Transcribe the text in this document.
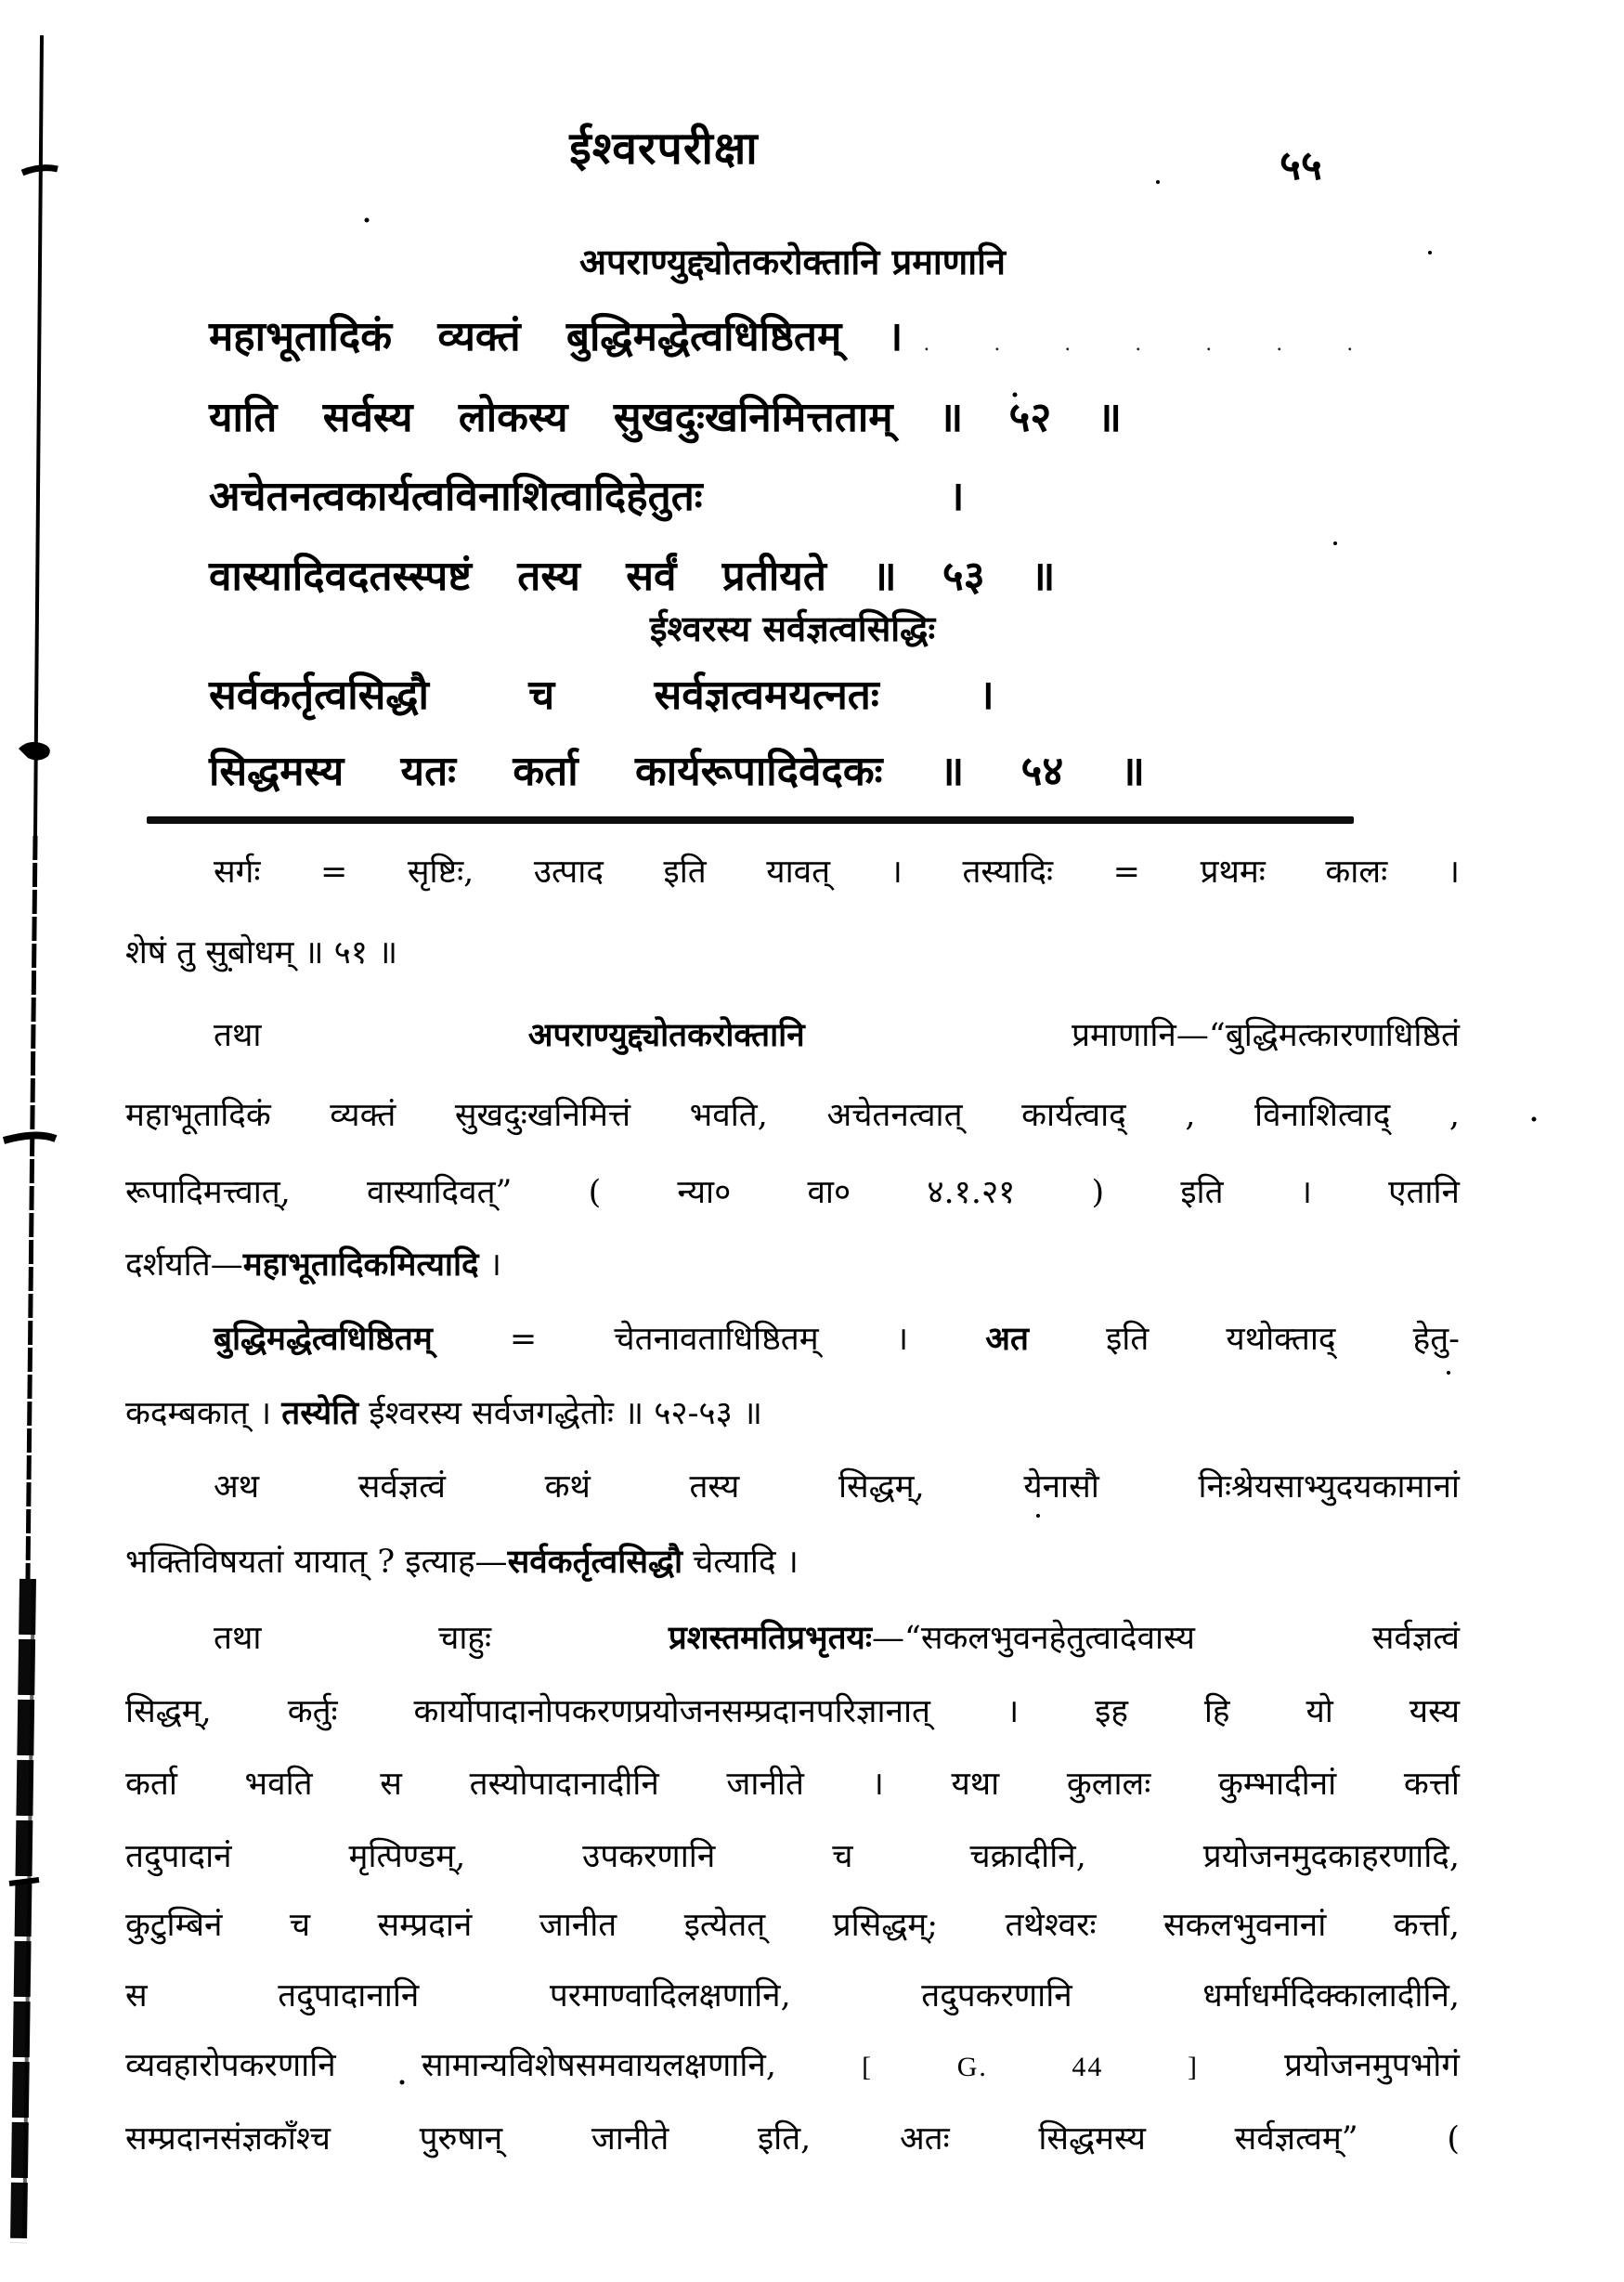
ईश्वरपरीक्षा	५५
अपराण्युद्द्योतकरोक्तानि प्रमाणानि
महाभूतादिकं व्यक्तं बुद्धिमद्धेत्वधिष्ठितम् । . . . . . . .
याति सर्वस्य लोकस्य सुखदुःखनिमित्तताम् ॥ ५२ ॥
अचेतनत्वकार्यत्वविनाशित्वादिहेतुतः	।
वास्यादिवदतस्स्पष्टं तस्य सर्वं प्रतीयते ॥ ५३ ॥
ईश्वरस्य सर्वज्ञत्वसिद्धिः
सर्वकर्तृत्वसिद्धौ च सर्वज्ञत्वमयत्नतः ।
सिद्धमस्य यतः कर्ता कार्यरूपादिवेदकः ॥ ५४ ॥
सर्गः = सृष्टिः, उत्पाद इति यावत् । तस्यादिः = प्रथमः कालः ।
शेषं तु सुबोधम् ॥ ५१ ॥
तथा	अपराण्युद्द्योतकरोक्तानि	प्रमाणानि—“बुद्धिमत्कारणाधिष्ठितं
महाभूतादिकं व्यक्तं सुखदुःखनिमित्तं भवति, अचेतनत्वात् कार्यत्वाद् , विनाशित्वाद् ,
रूपादिमत्त्वात्, वास्यादिवत्” ( न्या० वा० ४.१.२१ ) इति । एतानि
दर्शयति—महाभूतादिकमित्यादि ।
बुद्धिमद्धेत्वधिष्ठितम् = चेतनावताधिष्ठितम् । अत इति यथोक्ताद् हेतु-
कदम्बकात् । तस्येति ईश्वरस्य सर्वजगद्धेतोः ॥ ५२-५३ ॥
अथ सर्वज्ञत्वं कथं तस्य सिद्धम्, येनासौ निःश्रेयसाभ्युदयकामानां
भक्तिविषयतां यायात् ? इत्याह—सर्वकर्तृत्वसिद्धौ चेत्यादि ।
तथा चाहुः प्रशस्तमतिप्रभृतयः—“सकलभुवनहेतुत्वादेवास्य सर्वज्ञत्वं
सिद्धम्, कर्तुः कार्योपादानोपकरणप्रयोजनसम्प्रदानपरिज्ञानात् । इह हि यो यस्य
कर्ता भवति स तस्योपादानादीनि जानीते । यथा कुलालः कुम्भादीनां कर्त्ता
तदुपादानं मृत्पिण्डम्, उपकरणानि च चक्रादीनि, प्रयोजनमुदकाहरणादि,
कुटुम्बिनं च सम्प्रदानं जानीत इत्येतत् प्रसिद्धम्; तथेश्वरः सकलभुवनानां कर्त्ता,
स तदुपादानानि परमाण्वादिलक्षणानि, तदुपकरणानि धर्माधर्मदिक्कालादीनि,
व्यवहारोपकरणानि सामान्यविशेषसमवायलक्षणानि,	[ G. 44 ]	प्रयोजनमुपभोगं
सम्प्रदानसंज्ञकाँश्च पुरुषान् जानीते इति, अतः सिद्धमस्य सर्वज्ञत्वम्” (
